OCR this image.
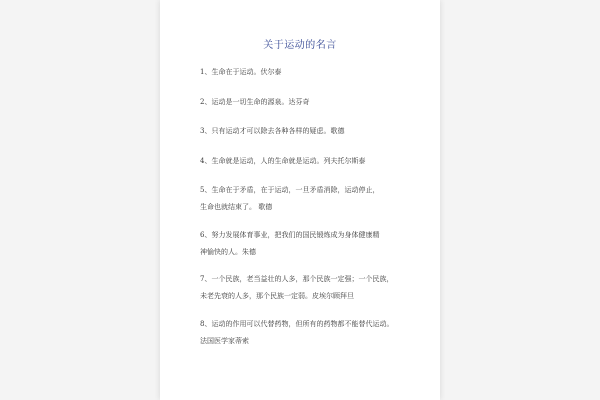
关于运动的名言
1、生命在于运动。伏尔泰
2、运动是一切生命的源泉。达芬奇
3、只有运动才可以除去各种各样的疑虑。歌德
4、生命就是运动，人的生命就是运动。列夫托尔斯泰
5、生命在于矛盾，在于运动，一旦矛盾消除，运动停止，
生命也就结束了。 歌德
6、努力发展体育事业，把我们的国民锻炼成为身体健康精
神愉快的人。朱德
7、一个民族，老当益壮的人多，那个民族一定强；一个民族，
未老先衰的人多，那个民族一定弱。皮埃尔顾拜旦
8、运动的作用可以代替药物，但所有的药物都不能替代运动。
法国医学家蒂索
